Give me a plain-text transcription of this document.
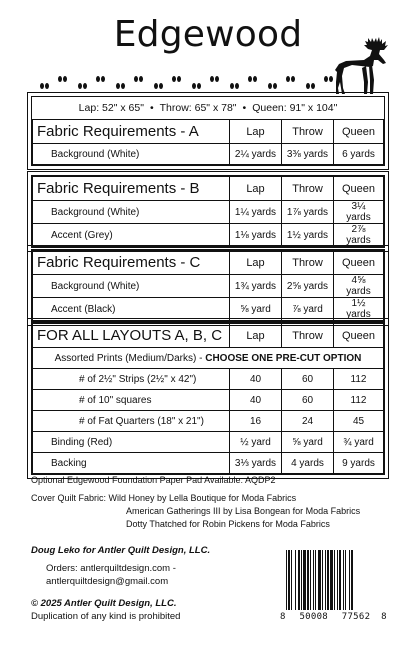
Edgewood
Lap: 52" x 65" • Throw: 65" x 78" • Queen: 91" x 104"
Fabric Requirements - A	Lap	Throw	Queen
Background (White)	2¼ yards	3⅜ yards	6 yards
Fabric Requirements - B	Lap	Throw	Queen
Background (White)	1¼ yards	1⅞ yards	3¼ yards
Accent (Grey)	1⅛ yards	1½ yards	2⅞ yards
Fabric Requirements - C	Lap	Throw	Queen
Background (White)	1¾ yards	2⅝ yards	4⅝ yards
Accent (Black)	⅝ yard	⅞ yard	1½ yards
FOR ALL LAYOUTS A, B, C	Lap	Throw	Queen
Assorted Prints (Medium/Darks) - CHOOSE ONE PRE-CUT OPTION			
# of 2½" Strips (2½" x 42")	40	60	112
# of 10" squares	40	60	112
# of Fat Quarters (18" x 21")	16	24	45
Binding (Red)	½ yard	⅝ yard	¾ yard
Backing	3⅓ yards	4 yards	9 yards
Optional Edgewood Foundation Paper Pad Available: AQDP2
Cover Quilt Fabric: Wild Honey by Lella Boutique for Moda Fabrics
American Gatherings III by Lisa Bongean for Moda Fabrics
Dotty Thatched for Robin Pickens for Moda Fabrics
Doug Leko for Antler Quilt Design, LLC.
Orders: antlerquiltdesign.com -
antlerquiltdesign@gmail.com
© 2025 Antler Quilt Design, LLC.
Duplication of any kind is prohibited	8 50008 77562 8
